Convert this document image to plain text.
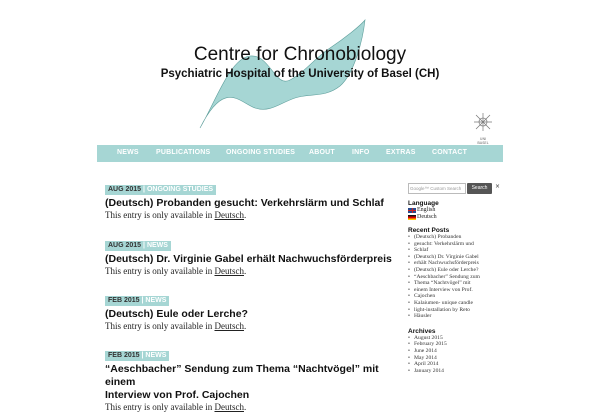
Centre for Chronobiology
Psychiatric Hospital of the University of Basel (CH)
UNI
BASEL
NEWS PUBLICATIONS ONGOING STUDIES ABOUT INFO EXTRAS CONTACT
AUG 2015 | ONGOING STUDIES
(Deutsch) Probanden gesucht: Verkehrslärm und Schlaf
This entry is only available in Deutsch.
AUG 2015 | NEWS
(Deutsch) Dr. Virginie Gabel erhält Nachwuchsförderpreis
This entry is only available in Deutsch.
FEB 2015 | NEWS
(Deutsch) Eule oder Lerche?
This entry is only available in Deutsch.
FEB 2015 | NEWS
“Aeschbacher” Sendung zum Thema “Nachtvögel” mit einem
Interview von Prof. Cajochen
This entry is only available in Deutsch.
Google™ Custom Search	Search	×
Language
English
Deutsch
Recent Posts
• (Deutsch) Probanden
• gesucht: Verkehrslärm und
• Schlaf
• (Deutsch) Dr. Virginie Gabel
• erhält Nachwuchsförderpreis
• (Deutsch) Eule oder Lerche?
• “Aeschbacher” Sendung zum
• Thema “Nachtvögel” mit
• einem Interview von Prof.
• Cajochen
• Kalaiumen- unique candle
• light-installation by Reto
• Häusler
Archives
• August 2015
• February 2015
• June 2014
• May 2014
• April 2014
• January 2014
